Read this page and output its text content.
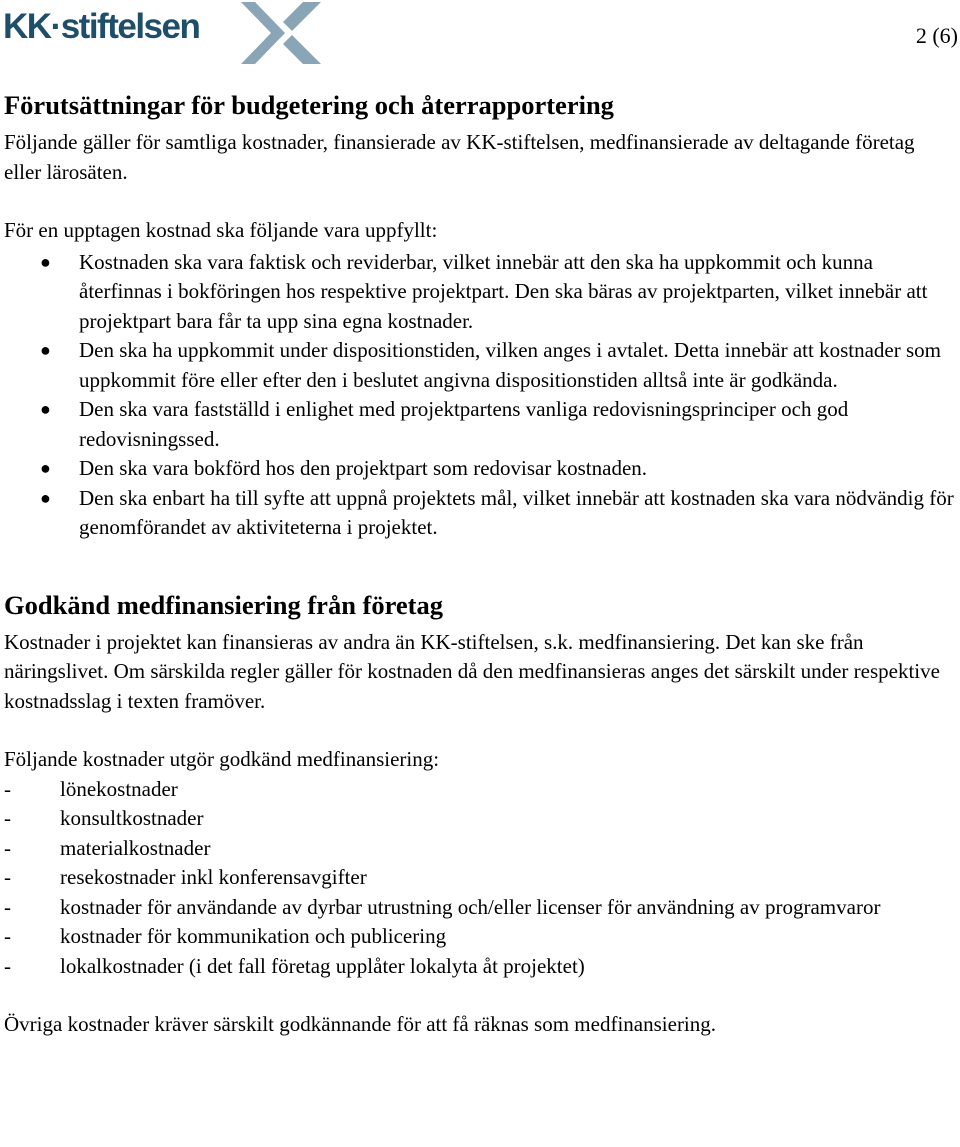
KK·stiftelsen	2 (6)
Förutsättningar för budgetering och återrapportering

Följande gäller för samtliga kostnader, finansierade av KK-stiftelsen, medfinansierade av deltagande företag eller lärosäten.

För en upptagen kostnad ska följande vara uppfyllt:

● Kostnaden ska vara faktisk och reviderbar, vilket innebär att den ska ha uppkommit och kunna återfinnas i bokföringen hos respektive projektpart. Den ska bäras av projektparten, vilket innebär att projektpart bara får ta upp sina egna kostnader.
● Den ska ha uppkommit under dispositionstiden, vilken anges i avtalet. Detta innebär att kostnader som uppkommit före eller efter den i beslutet angivna dispositionstiden alltså inte är godkända.
● Den ska vara fastställd i enlighet med projektpartens vanliga redovisningsprinciper och god redovisningssed.
● Den ska vara bokförd hos den projektpart som redovisar kostnaden.
● Den ska enbart ha till syfte att uppnå projektets mål, vilket innebär att kostnaden ska vara nödvändig för genomförandet av aktiviteterna i projektet.
Godkänd medfinansiering från företag

Kostnader i projektet kan finansieras av andra än KK-stiftelsen, s.k. medfinansiering. Det kan ske från näringslivet. Om särskilda regler gäller för kostnaden då den medfinansieras anges det särskilt under respektive kostnadsslag i texten framöver.

Följande kostnader utgör godkänd medfinansiering:

- lönekostnader
- konsultkostnader
- materialkostnader
- resekostnader inkl konferensavgifter
- kostnader för användande av dyrbar utrustning och/eller licenser för användning av programvaror
- kostnader för kommunikation och publicering
- lokalkostnader (i det fall företag upplåter lokalyta åt projektet)

Övriga kostnader kräver särskilt godkännande för att få räknas som medfinansiering.
